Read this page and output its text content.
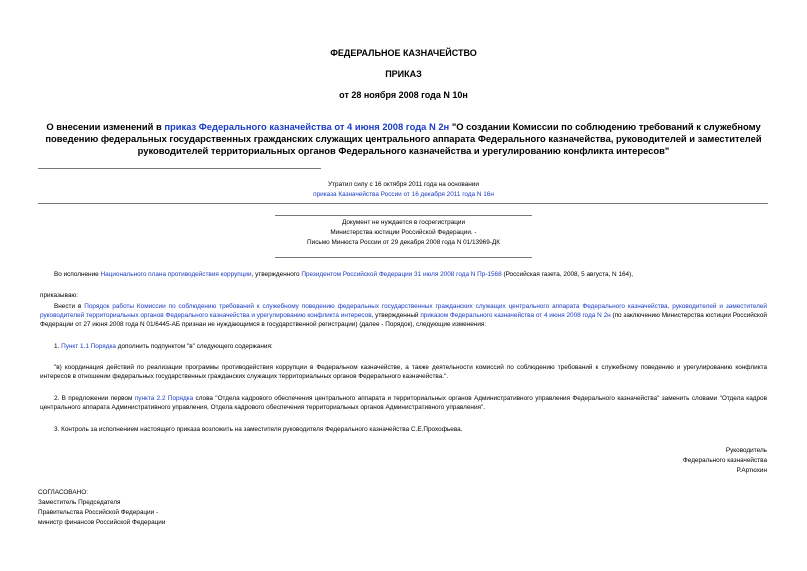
ФЕДЕРАЛЬНОЕ КАЗНАЧЕЙСТВО
ПРИКАЗ
от 28 ноября 2008 года N 10н
О внесении изменений в приказ Федерального казначейства от 4 июня 2008 года N 2н "О создании Комиссии по соблюдению требований к служебному поведению федеральных государственных гражданских служащих центрального аппарата Федерального казначейства, руководителей и заместителей руководителей территориальных органов Федерального казначейства и урегулированию конфликта интересов"
Утратил силу с 16 октября 2011 года на основании
приказа Казначейства России от 16 декабря 2011 года N 16н
Документ не нуждается в госрегистрации
Министерства юстиции Российской Федерации. -
Письмо Минюста России от 29 декабря 2008 года N 01/13969-ДК
Во исполнение Национального плана противодействия коррупции, утвержденного Президентом Российской Федерации 31 июля 2008 года N Пр-1568 (Российская газета, 2008, 5 августа, N 164),
приказываю:
Внести в Порядок работы Комиссии по соблюдению требований к служебному поведению федеральных государственных гражданских служащих центрального аппарата Федерального казначейства, руководителей и заместителей руководителей территориальных органов Федерального казначейства и урегулированию конфликта интересов, утвержденный приказом Федерального казначейства от 4 июня 2008 года N 2н (по заключению Министерства юстиции Российской Федерации от 27 июня 2008 года N 01/6445-АБ признан не нуждающимся в государственной регистрации) (далее - Порядок), следующие изменения:
1. Пункт 1.1 Порядка дополнить подпунктом "в" следующего содержания:
"в) координация действий по реализации программы противодействия коррупции в Федеральном казначействе, а также деятельности комиссий по соблюдению требований к служебному поведению и урегулированию конфликта интересов в отношении федеральных государственных гражданских служащих территориальных органов Федерального казначейства.".
2. В предложении первом пункта 2.2 Порядка слова "Отдела кадрового обеспечения центрального аппарата и территориальных органов Административного управления Федерального казначейства" заменить словами "Отдела кадров центрального аппарата Административного управления, Отдела кадрового обеспечения территориальных органов Административного управления".
3. Контроль за исполнением настоящего приказа возложить на заместителя руководителя Федерального казначейства С.Е.Прохофьева.
Руководитель
Федерального казначейства
Р.Артюхин
СОГЛАСОВАНО:
Заместитель Председателя
Правительства Российской Федерации -
министр финансов Российской Федерации
